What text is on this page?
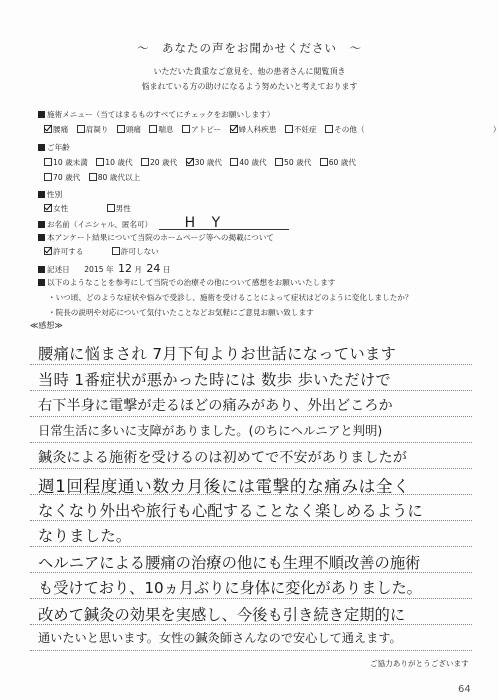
～　あなたの声をお聞かせください　～
いただいた貴重なご意見を、他の患者さんに閲覧頂き
悩まれている方の助けになるよう努めたいと考えております
施術メニュー（当てはまるものすべてにチェックをお願いします）
腰痛 肩凝り 頭痛 喘息 アトピー 婦人科疾患 不妊症 その他（	）
ご年齢
10 歳未満 10 歳代 20 歳代 30 歳代 40 歳代 50 歳代 60 歳代
70 歳代 80 歳代以上
性別
女性	男性
お名前（イニシャル、匿名可） H Y
本アンケート結果について当院のホームページ等への掲載について
許可する	許可しない
記述日 2015 年 12 月 24 日
以下のようなことを参考にして当院での治療その他について感想をお願いいたします
・いつ頃、どのような症状や悩みで受診し、施術を受けることによって症状はどのように変化しましたか？
・院長の説明や対応について気付いたことなどお気軽にご意見お願い致します
≪感想≫
腰痛に悩まされ 7月下旬よりお世話になっています
当時 1番症状が悪かった時には 数歩 歩いただけで
右下半身に電撃が走るほどの痛みがあり、外出どころか
日常生活に多いに支障がありました。(のちにヘルニアと判明)
鍼灸による施術を受けるのは初めてで不安がありましたが
週1回程度通い数カ月後には電撃的な痛みは全く
なくなり外出や旅行も心配することなく楽しめるように
なりました。
ヘルニアによる腰痛の治療の他にも生理不順改善の施術
も受けており、10ヵ月ぶりに身体に変化がありました。
改めて鍼灸の効果を実感し、今後も引き続き定期的に
通いたいと思います。女性の鍼灸師さんなので安心して通えます。
ご協力ありがとうございます
64
